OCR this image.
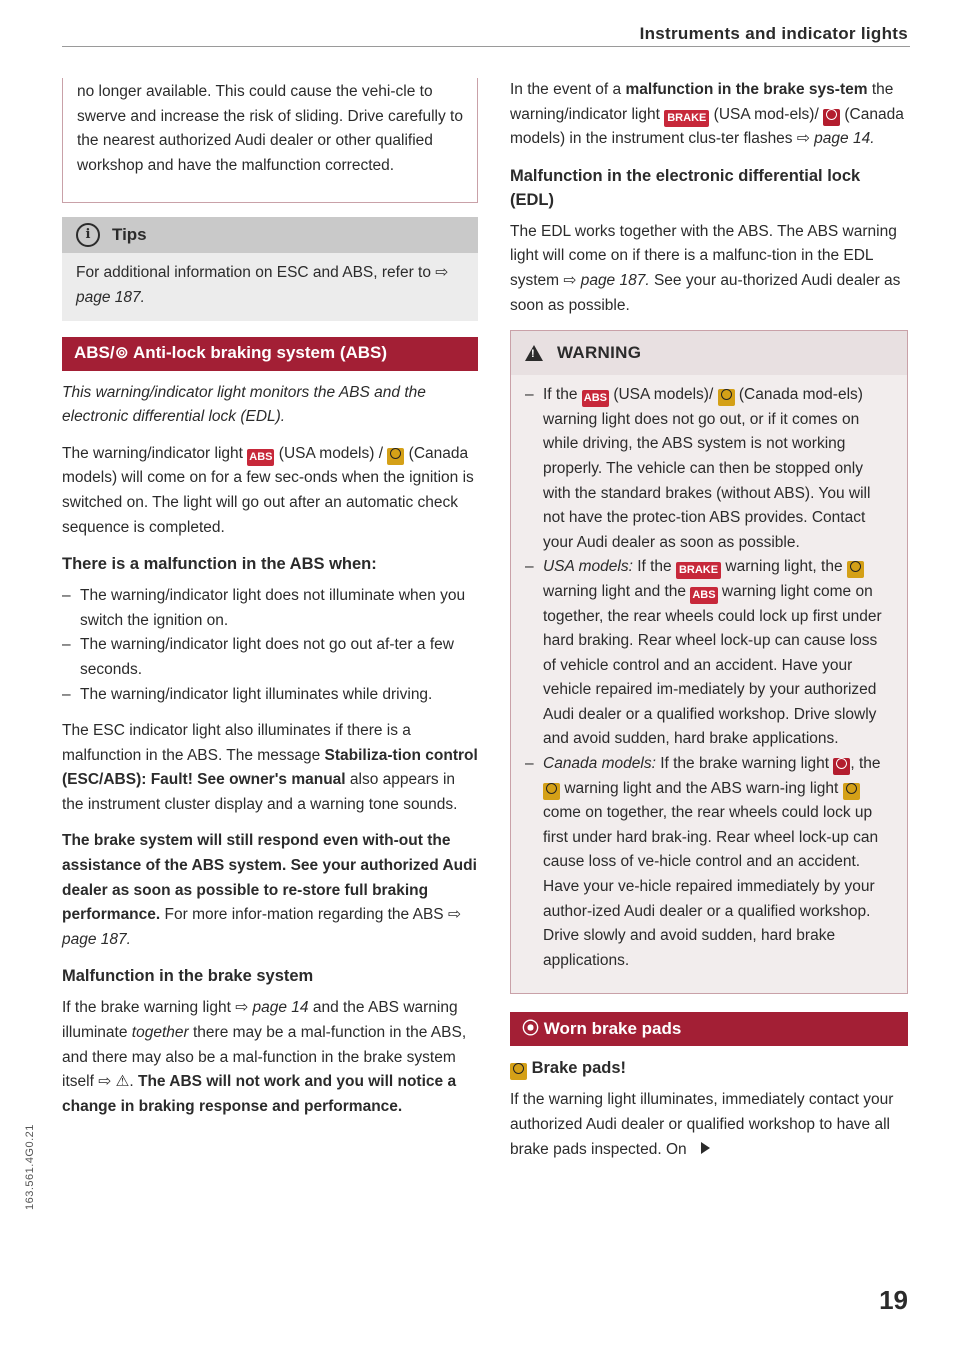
Instruments and indicator lights

no longer available. This could cause the vehi-cle to swerve and increase the risk of sliding. Drive carefully to the nearest authorized Audi dealer or other qualified workshop and have the malfunction corrected.

i	Tips
For additional information on ESC and ABS, refer to ⇨ page 187.
ABS/⊚ Anti-lock braking system (ABS)

This warning/indicator light monitors the ABS and the electronic differential lock (EDL).

The warning/indicator light ABS (USA models) / (Canada models) will come on for a few sec-onds when the ignition is switched on. The light will go out after an automatic check sequence is completed.

There is a malfunction in the ABS when:
– The warning/indicator light does not illuminate when you switch the ignition on.
– The warning/indicator light does not go out af-ter a few seconds.
– The warning/indicator light illuminates while driving.

The ESC indicator light also illuminates if there is a malfunction in the ABS. The message Stabiliza-tion control (ESC/ABS): Fault! See owner's manual also appears in the instrument cluster display and a warning tone sounds.

The brake system will still respond even with-out the assistance of the ABS system. See your authorized Audi dealer as soon as possible to re-store full braking performance. For more infor-mation regarding the ABS ⇨ page 187.

Malfunction in the brake system

If the brake warning light ⇨ page 14 and the ABS warning illuminate together there may be a mal-function in the ABS, and there may also be a mal-function in the brake system itself ⇨ ⚠. The ABS will not work and you will notice a change in braking response and performance.

In the event of a malfunction in the brake sys-tem the warning/indicator light BRAKE (USA mod-els)/ (Canada models) in the instrument clus-ter flashes ⇨ page 14.

Malfunction in the electronic differential lock (EDL)

The EDL works together with the ABS. The ABS warning light will come on if there is a malfunc-tion in the EDL system ⇨ page 187. See your au-thorized Audi dealer as soon as possible.

!
WARNING
– If the ABS (USA models)/ (Canada mod-els) warning light does not go out, or if it comes on while driving, the ABS system is not working properly. The vehicle can then be stopped only with the standard brakes (without ABS). You will not have the protec-tion ABS provides. Contact your Audi dealer as soon as possible.
– USA models: If the BRAKE warning light, the  warning light and the ABS warning light come on together, the rear wheels could lock up first under hard braking. Rear wheel lock-up can cause loss of vehicle control and an accident. Have your vehicle repaired im-mediately by your authorized Audi dealer or a qualified workshop. Drive slowly and avoid sudden, hard brake applications.
– Canada models: If the brake warning light , the  warning light and the ABS warn-ing light  come on together, the rear wheels could lock up first under hard brak-ing. Rear wheel lock-up can cause loss of ve-hicle control and an accident. Have your ve-hicle repaired immediately by your author-ized Audi dealer or a qualified workshop. Drive slowly and avoid sudden, hard brake applications.
⦿ Worn brake pads
Brake pads!

If the warning light illuminates, immediately contact your authorized Audi dealer or qualified workshop to have all brake pads inspected. On

19
163.561.4G0.21
